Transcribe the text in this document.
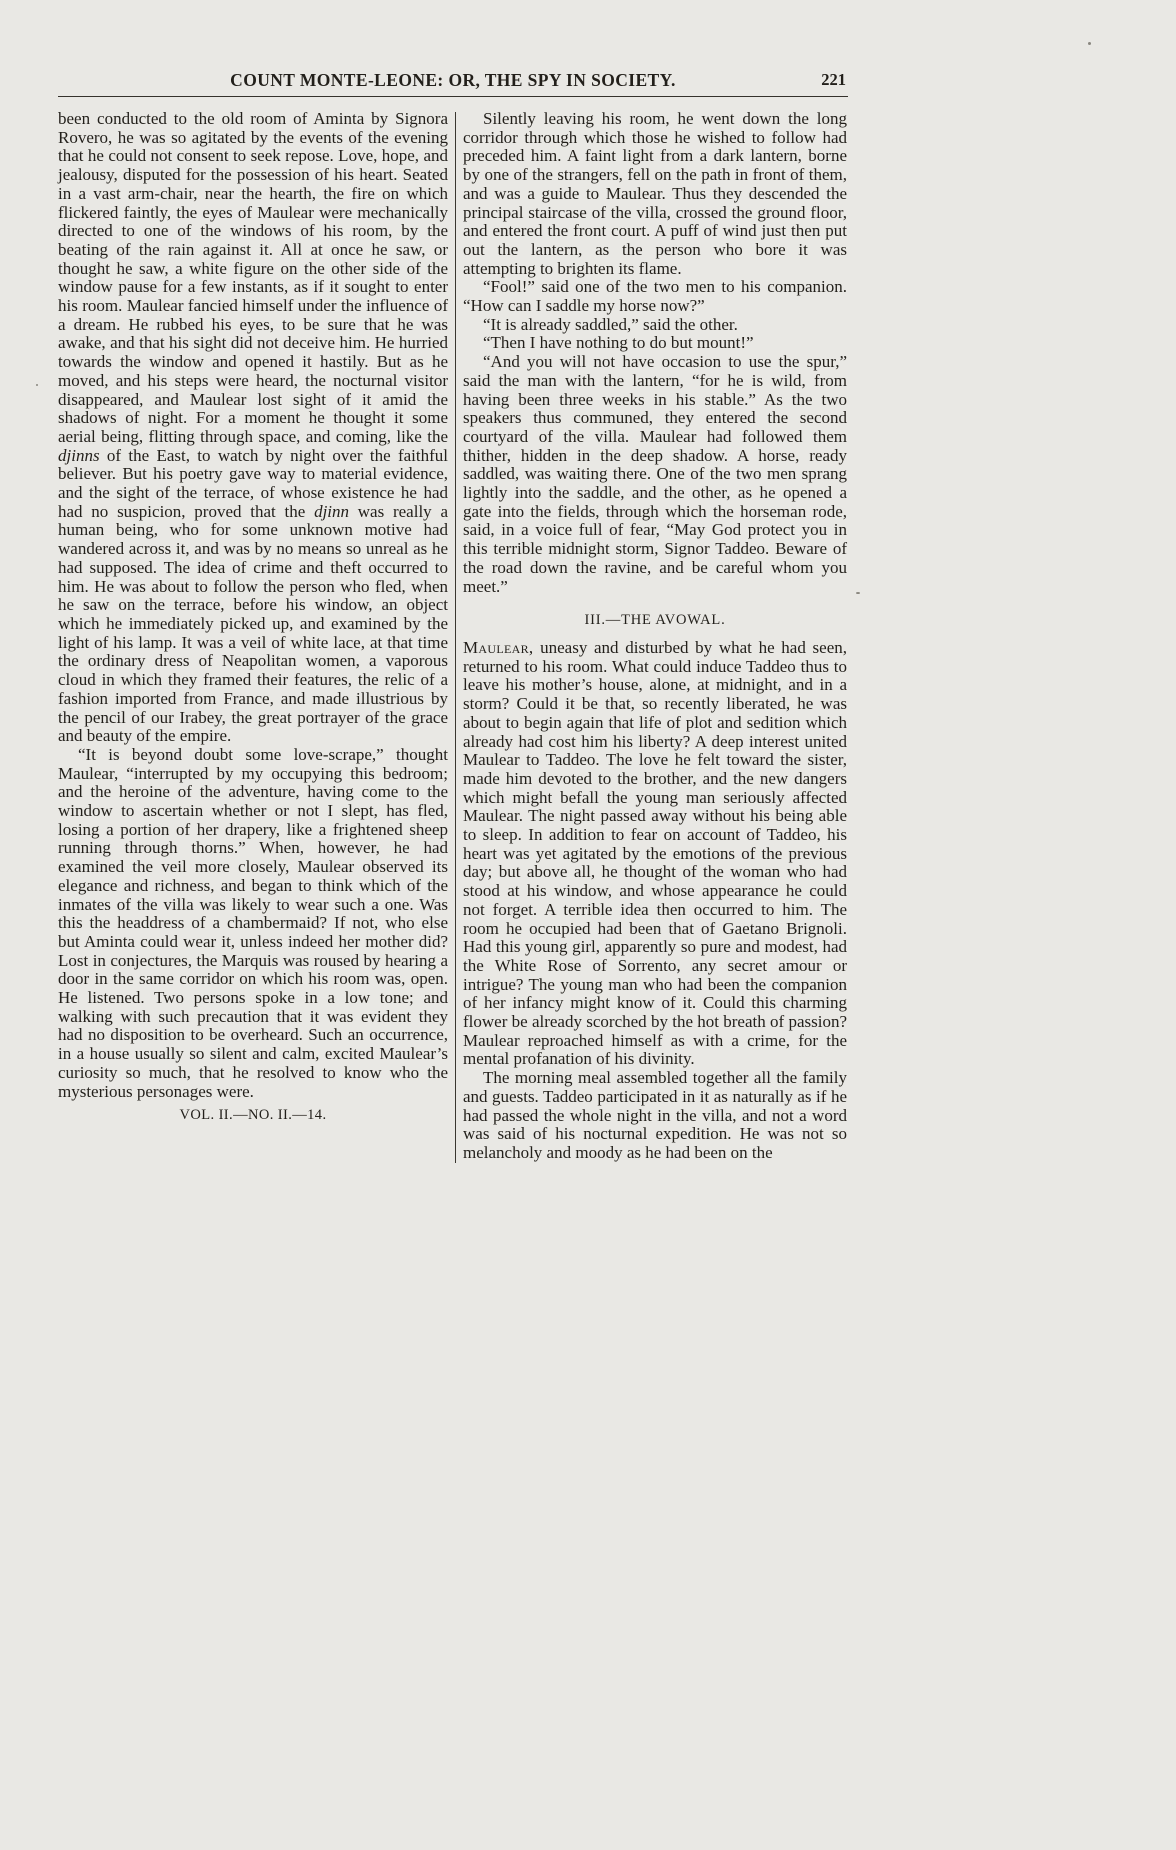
COUNT MONTE-LEONE: OR, THE SPY IN SOCIETY.	221

been conducted to the old room of Aminta by Signora Rovero, he was so agitated by the events of the evening that he could not consent to seek repose. Love, hope, and jealousy, disputed for the possession of his heart. Seated in a vast arm-chair, near the hearth, the fire on which flickered faintly, the eyes of Maulear were mechanically directed to one of the windows of his room, by the beating of the rain against it. All at once he saw, or thought he saw, a white figure on the other side of the window pause for a few instants, as if it sought to enter his room. Maulear fancied himself under the influence of a dream. He rubbed his eyes, to be sure that he was awake, and that his sight did not deceive him. He hurried towards the window and opened it hastily. But as he moved, and his steps were heard, the nocturnal visitor disappeared, and Maulear lost sight of it amid the shadows of night. For a moment he thought it some aerial being, flitting through space, and coming, like the djinns of the East, to watch by night over the faithful believer. But his poetry gave way to material evidence, and the sight of the terrace, of whose existence he had had no suspicion, proved that the djinn was really a human being, who for some unknown motive had wandered across it, and was by no means so unreal as he had supposed. The idea of crime and theft occurred to him. He was about to follow the person who fled, when he saw on the terrace, before his window, an object which he immediately picked up, and examined by the light of his lamp. It was a veil of white lace, at that time the ordinary dress of Neapolitan women, a vaporous cloud in which they framed their features, the relic of a fashion imported from France, and made illustrious by the pencil of our Irabey, the great portrayer of the grace and beauty of the empire.

“It is beyond doubt some love-scrape,” thought Maulear, “interrupted by my occupying this bedroom; and the heroine of the adventure, having come to the window to ascertain whether or not I slept, has fled, losing a portion of her drapery, like a frightened sheep running through thorns.” When, however, he had examined the veil more closely, Maulear observed its elegance and richness, and began to think which of the inmates of the villa was likely to wear such a one. Was this the headdress of a chambermaid? If not, who else but Aminta could wear it, unless indeed her mother did? Lost in conjectures, the Marquis was roused by hearing a door in the same corridor on which his room was, open. He listened. Two persons spoke in a low tone; and walking with such precaution that it was evident they had no disposition to be overheard. Such an occurrence, in a house usually so silent and calm, excited Maulear’s curiosity so much, that he resolved to know who the mysterious personages were.

VOL. II.—NO. II.—14.

Silently leaving his room, he went down the long corridor through which those he wished to follow had preceded him. A faint light from a dark lantern, borne by one of the strangers, fell on the path in front of them, and was a guide to Maulear. Thus they descended the principal staircase of the villa, crossed the ground floor, and entered the front court. A puff of wind just then put out the lantern, as the person who bore it was attempting to brighten its flame.

“Fool!” said one of the two men to his companion. “How can I saddle my horse now?”

“It is already saddled,” said the other.

“Then I have nothing to do but mount!”

“And you will not have occasion to use the spur,” said the man with the lantern, “for he is wild, from having been three weeks in his stable.” As the two speakers thus communed, they entered the second courtyard of the villa. Maulear had followed them thither, hidden in the deep shadow. A horse, ready saddled, was waiting there. One of the two men sprang lightly into the saddle, and the other, as he opened a gate into the fields, through which the horseman rode, said, in a voice full of fear, “May God protect you in this terrible midnight storm, Signor Taddeo. Beware of the road down the ravine, and be careful whom you meet.”

III.—THE AVOWAL.

Maulear, uneasy and disturbed by what he had seen, returned to his room. What could induce Taddeo thus to leave his mother’s house, alone, at midnight, and in a storm? Could it be that, so recently liberated, he was about to begin again that life of plot and sedition which already had cost him his liberty? A deep interest united Maulear to Taddeo. The love he felt toward the sister, made him devoted to the brother, and the new dangers which might befall the young man seriously affected Maulear. The night passed away without his being able to sleep. In addition to fear on account of Taddeo, his heart was yet agitated by the emotions of the previous day; but above all, he thought of the woman who had stood at his window, and whose appearance he could not forget. A terrible idea then occurred to him. The room he occupied had been that of Gaetano Brignoli. Had this young girl, apparently so pure and modest, had the White Rose of Sorrento, any secret amour or intrigue? The young man who had been the companion of her infancy might know of it. Could this charming flower be already scorched by the hot breath of passion? Maulear reproached himself as with a crime, for the mental profanation of his divinity.

The morning meal assembled together all the family and guests. Taddeo participated in it as naturally as if he had passed the whole night in the villa, and not a word was said of his nocturnal expedition. He was not so melancholy and moody as he had been on the
